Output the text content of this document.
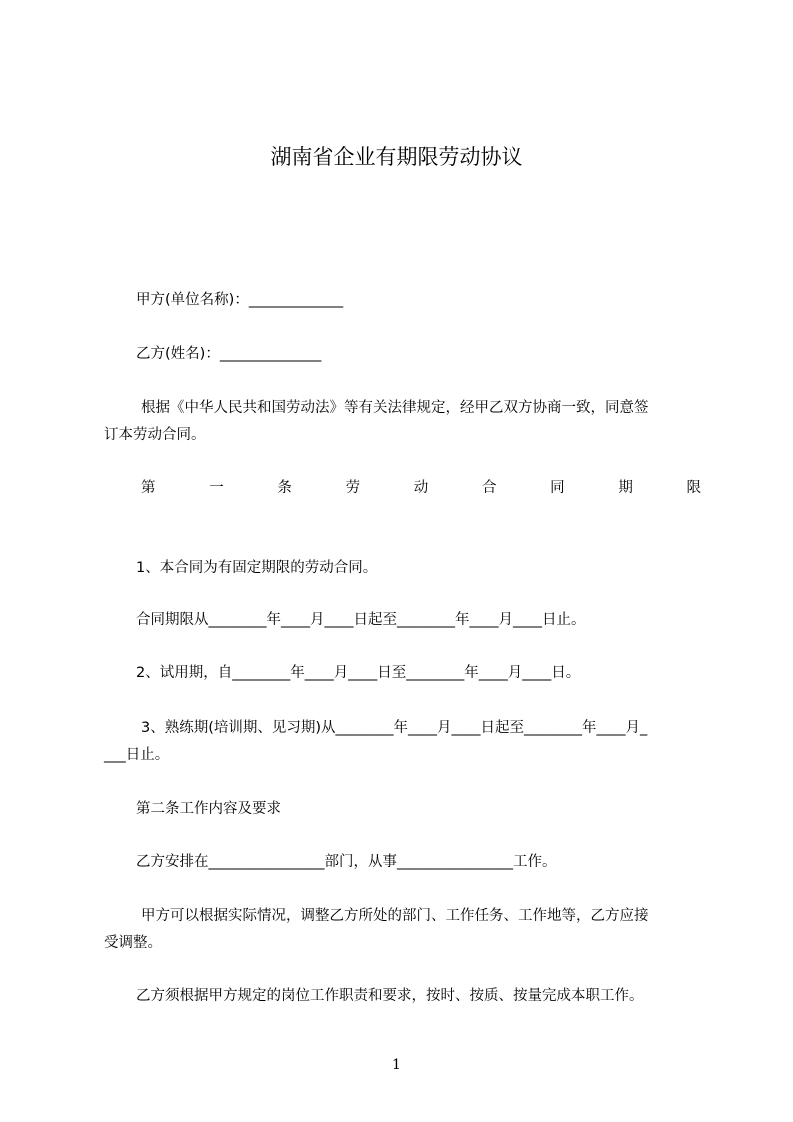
湖南省企业有期限劳动协议
甲方(单位名称)：_____________
乙方(姓名)：______________
根据《中华人民共和国劳动法》等有关法律规定，经甲乙双方协商一致，同意签
订本劳动合同。
第	一	条	劳	动	合	同	期	限
1、本合同为有固定期限的劳动合同。
合同期限从________年____月____日起至________年____月____日止。
2、试用期，自________年____月____日至________年____月____日。
3、熟练期(培训期、见习期)从________年____月____日起至________年____月_
___日止。
第二条工作内容及要求
乙方安排在________________部门，从事________________工作。
甲方可以根据实际情况，调整乙方所处的部门、工作任务、工作地等，乙方应接
受调整。
乙方须根据甲方规定的岗位工作职责和要求，按时、按质、按量完成本职工作。
1
